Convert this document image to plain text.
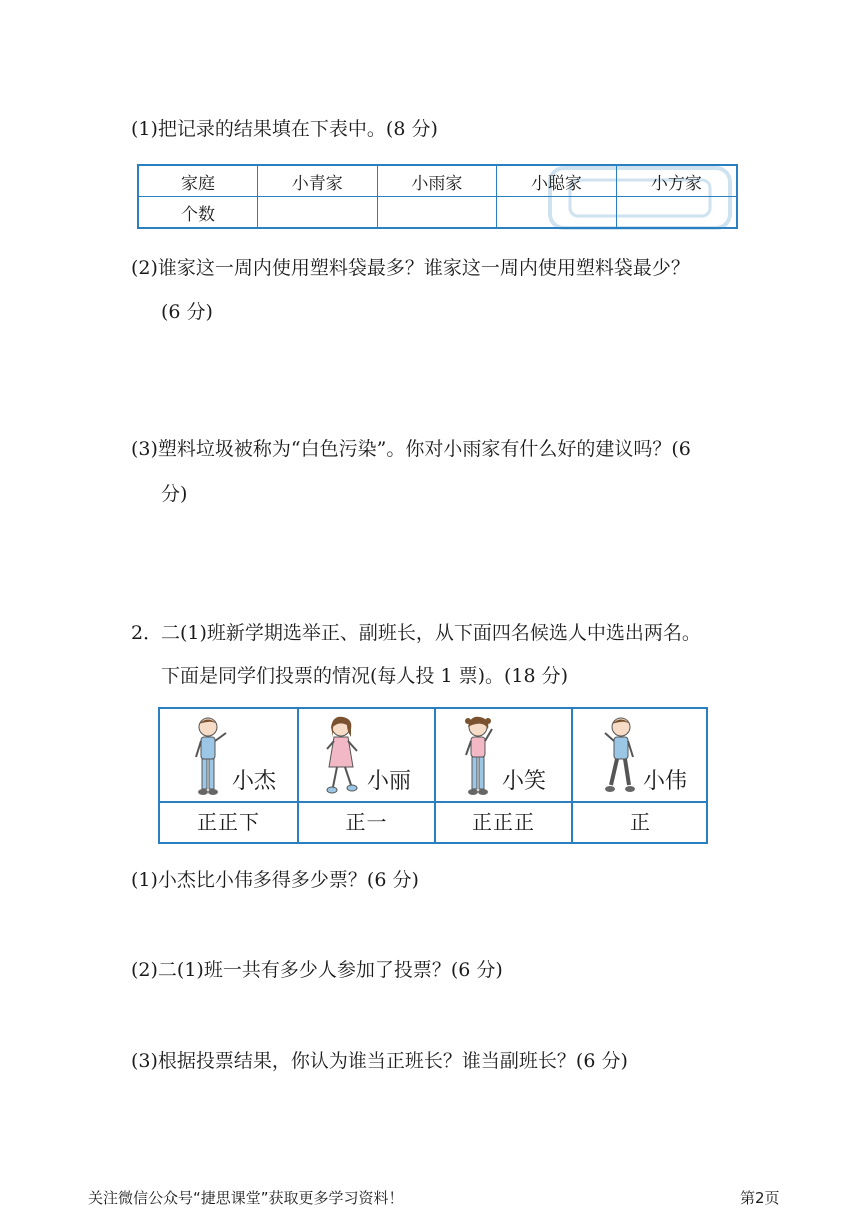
(1)把记录的结果填在下表中。(8 分)
家庭	小青家	小雨家	小聪家	小方家
个数				
(2)谁家这一周内使用塑料袋最多？谁家这一周内使用塑料袋最少？
(6 分)
(3)塑料垃圾被称为“白色污染”。你对小雨家有什么好的建议吗？(6
分)
2．
二(1)班新学期选举正、副班长，从下面四名候选人中选出两名。
下面是同学们投票的情况(每人投 1 票)。(18 分)
小杰	小丽	小笑	小伟
正正下	正一	正正正	正
(1)小杰比小伟多得多少票？(6 分)
(2)二(1)班一共有多少人参加了投票？(6 分)
(3)根据投票结果，你认为谁当正班长？谁当副班长？(6 分)
关注微信公众号“捷思课堂”获取更多学习资料！	第2页
